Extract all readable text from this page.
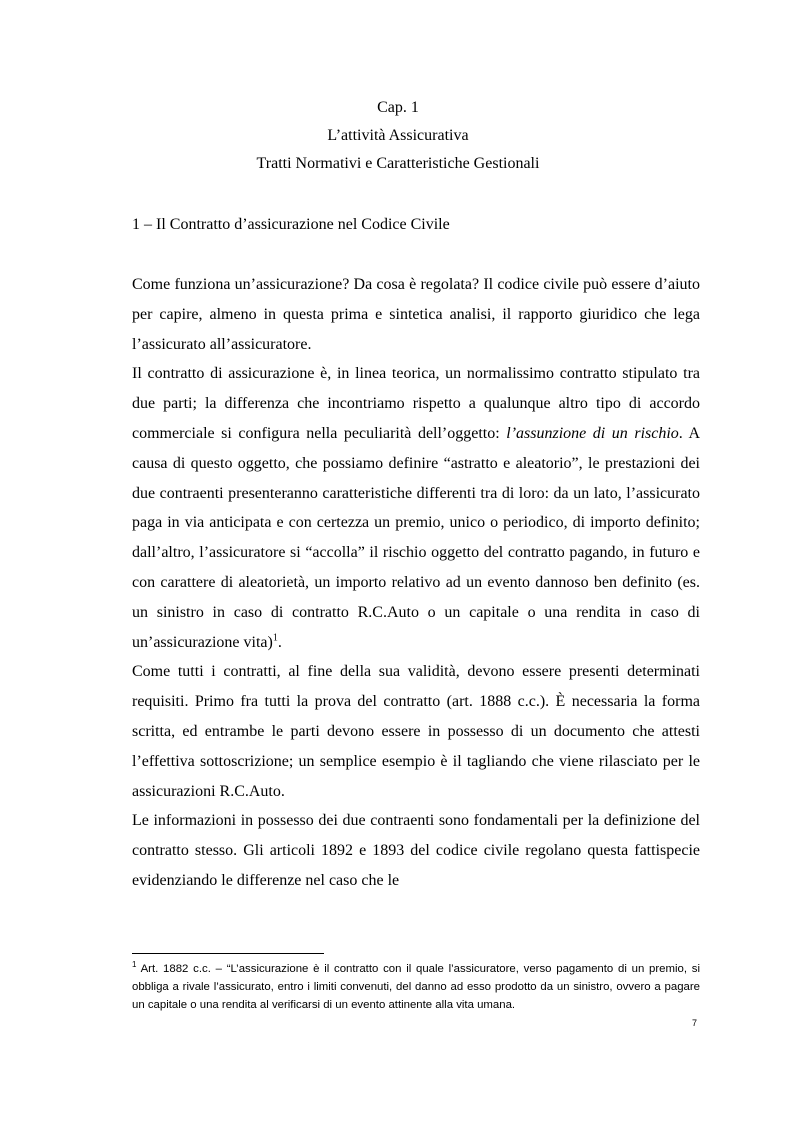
Cap. 1
L’attività Assicurativa
Tratti Normativi e Caratteristiche Gestionali
1 – Il Contratto d’assicurazione nel Codice Civile

Come funziona un’assicurazione? Da cosa è regolata? Il codice civile può essere d’aiuto per capire, almeno in questa prima e sintetica analisi, il rapporto giuridico che lega l’assicurato all’assicuratore.

Il contratto di assicurazione è, in linea teorica, un normalissimo contratto stipulato tra due parti; la differenza che incontriamo rispetto a qualunque altro tipo di accordo commerciale si configura nella peculiarità dell’oggetto: l’assunzione di un rischio. A causa di questo oggetto, che possiamo definire “astratto e aleatorio”, le prestazioni dei due contraenti presenteranno caratteristiche differenti tra di loro: da un lato, l’assicurato paga in via anticipata e con certezza un premio, unico o periodico, di importo definito; dall’altro, l’assicuratore si “accolla” il rischio oggetto del contratto pagando, in futuro e con carattere di aleatorietà, un importo relativo ad un evento dannoso ben definito (es. un sinistro in caso di contratto R.C.Auto o un capitale o una rendita in caso di un’assicurazione vita)$^1$.

Come tutti i contratti, al fine della sua validità, devono essere presenti determinati requisiti. Primo fra tutti la prova del contratto (art. 1888 c.c.). È necessaria la forma scritta, ed entrambe le parti devono essere in possesso di un documento che attesti l’effettiva sottoscrizione; un semplice esempio è il tagliando che viene rilasciato per le assicurazioni R.C.Auto.

Le informazioni in possesso dei due contraenti sono fondamentali per la definizione del contratto stesso. Gli articoli 1892 e 1893 del codice civile regolano questa fattispecie evidenziando le differenze nel caso che le

$^1$ Art. 1882 c.c. – “L’assicurazione è il contratto con il quale l’assicuratore, verso pagamento di un premio, si obbliga a rivale l’assicurato, entro i limiti convenuti, del danno ad esso prodotto da un sinistro, ovvero a pagare un capitale o una rendita al verificarsi di un evento attinente alla vita umana.
7
